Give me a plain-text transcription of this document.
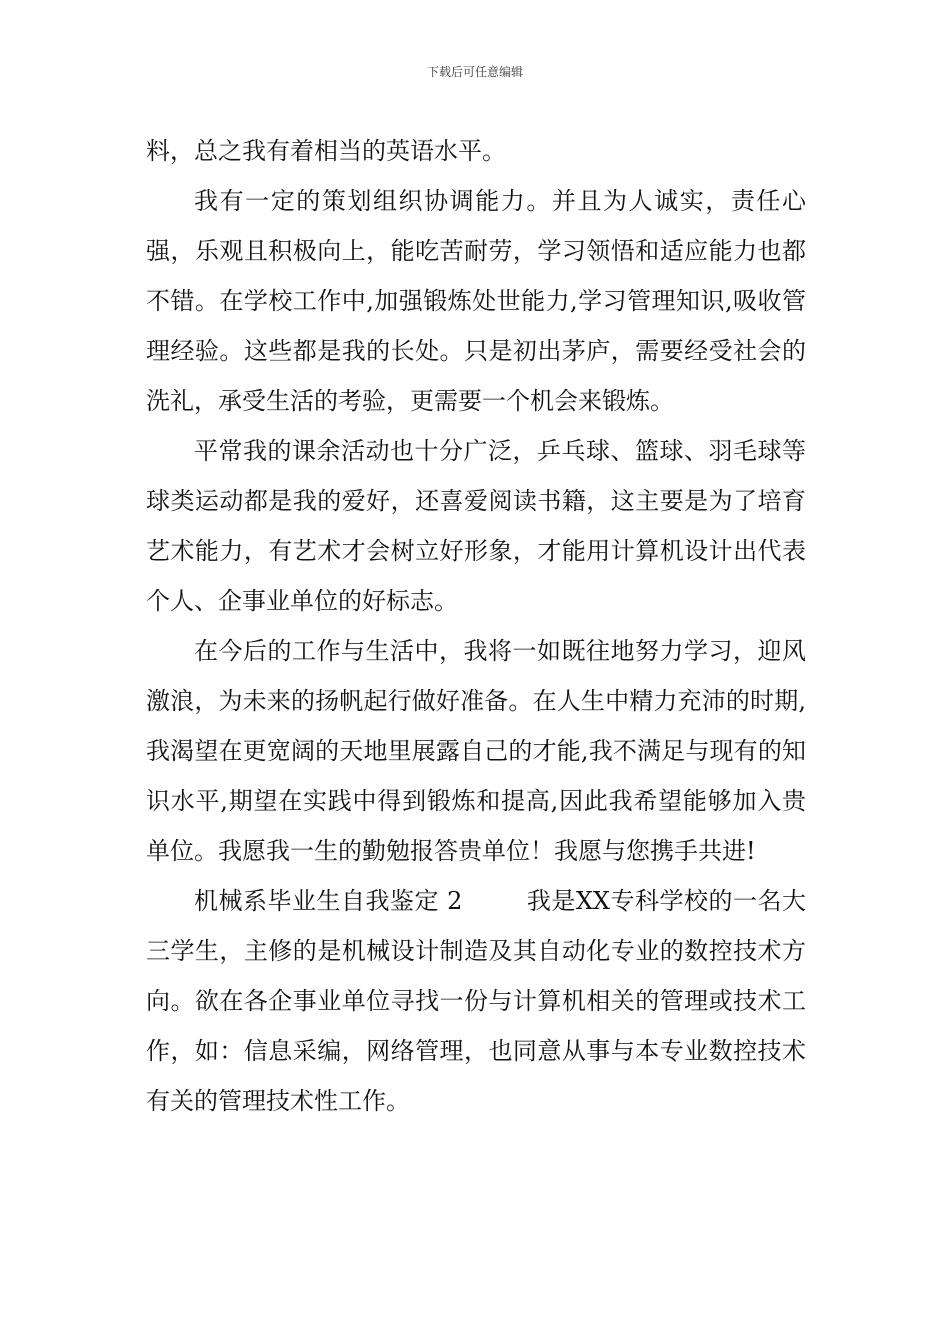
下载后可任意编辑

料，总之我有着相当的英语水平。

我有一定的策划组织协调能力。并且为人诚实，责任心强，乐观且积极向上，能吃苦耐劳，学习领悟和适应能力也都不错。在学校工作中,加强锻炼处世能力,学习管理知识,吸收管理经验。这些都是我的长处。只是初出茅庐，需要经受社会的洗礼，承受生活的考验，更需要一个机会来锻炼。

平常我的课余活动也十分广泛，乒乓球、篮球、羽毛球等球类运动都是我的爱好，还喜爱阅读书籍，这主要是为了培育艺术能力，有艺术才会树立好形象，才能用计算机设计出代表个人、企事业单位的好标志。

在今后的工作与生活中，我将一如既往地努力学习，迎风激浪，为未来的扬帆起行做好准备。在人生中精力充沛的时期,我渴望在更宽阔的天地里展露自己的才能,我不满足与现有的知识水平,期望在实践中得到锻炼和提高,因此我希望能够加入贵单位。我愿我一生的勤勉报答贵单位！我愿与您携手共进!

机械系毕业生自我鉴定 2	我是XX专科学校的一名大三学生，主修的是机械设计制造及其自动化专业的数控技术方向。欲在各企事业单位寻找一份与计算机相关的管理或技术工作，如：信息采编，网络管理，也同意从事与本专业数控技术有关的管理技术性工作。
